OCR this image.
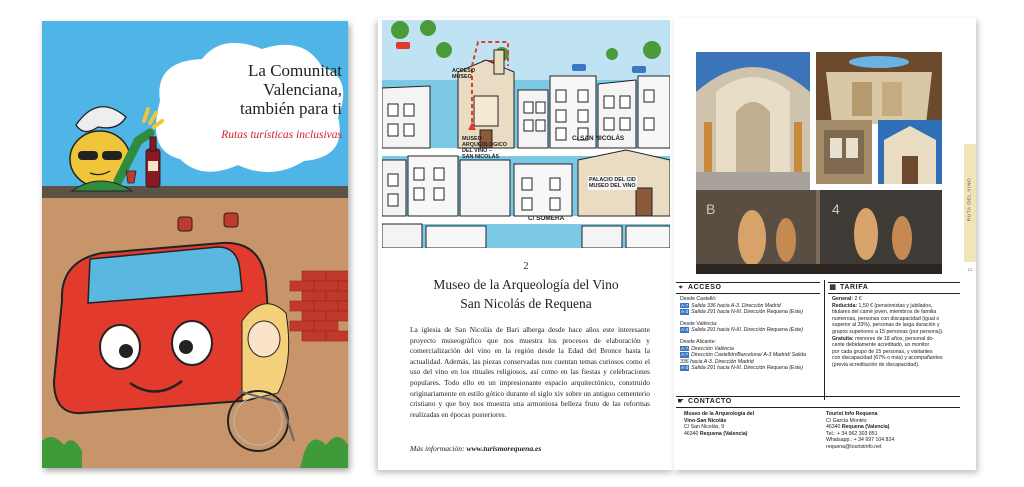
La Comunitat
Valenciana,
también para ti
Rutas turísticas inclusivas
ACCESO
MUSEO
MUSEO
ARQUEOLÓGICO
DEL VINO –
SAN NICOLÁS
C/ SAN NICOLÁS
PALACIO DEL CID
MUSEO DEL VINO
C/ SOMERA
2
Museo de la Arqueología del Vino
San Nicolás de Requena

La iglesia de San Nicolás de Bari alberga desde hace años este interesante proyecto museográfico que nos muestra los procesos de elaboración y comercialización del vino en la región desde la Edad del Bronce hasta la actualidad. Además, las piezas conservadas nos cuentan temas curiosos como el uso del vino en los rituales religiosos, así como en las fiestas y celebraciones populares. Todo ello en un impresionante espacio arquitectónico, construido originariamente en estilo gótico durante el siglo xiv sobre un antiguo cementerio cristiano y que hoy nos muestra una armoniosa belleza fruto de las reformas realizadas en épocas posteriores.

Más información: www.turismorequena.es
B	4	RUTA DEL VINO
11
⌖ ACCESO
Desde Castelló:
A-7 Salida 336 hacia A-3. Dirección Madrid
A-3 Salida 291 hacia N-III. Dirección Requena (Este)
Desde València:
A-3 Salida 291 hacia N-III. Dirección Requena (Este)
Desde Alicante:
A-7 Dirección València
A-7 Dirección Castellón/Barcelona/ A-3 Madrid/ Salida
336 hacia A-3. Dirección Madrid
A-3 Salida 291 hacia N-III. Dirección Requena (Este)
▦ TARIFA
General: 2 €
Reducida: 1,50 € (pensionistas y jubilados,
titulares del carné joven, miembros de familia
numerosa, personas con discapacidad (igual o
superior al 33%), personas de larga duración y
grupos superiores a 15 personas (por persona)).
Gratuita: menores de 18 años, personal do-
cente debidamente acreditado, un monitor
por cada grupo de 15 personas, y visitantes
con discapacidad (67% o más) y acompañantes
(previa acreditación de discapacidad).
☛ CONTACTO
Museo de la Arqueología del
Vino-San Nicolás
C/ San Nicolás, 9
46340 Requena (Valencia)
Tourist Info Requena
C/ García Montés
46340 Requena (Valencia)
Tel.: + 34 962 303 851
Whatsapp.: + 34 697 104 824
requena@touristinfo.net
